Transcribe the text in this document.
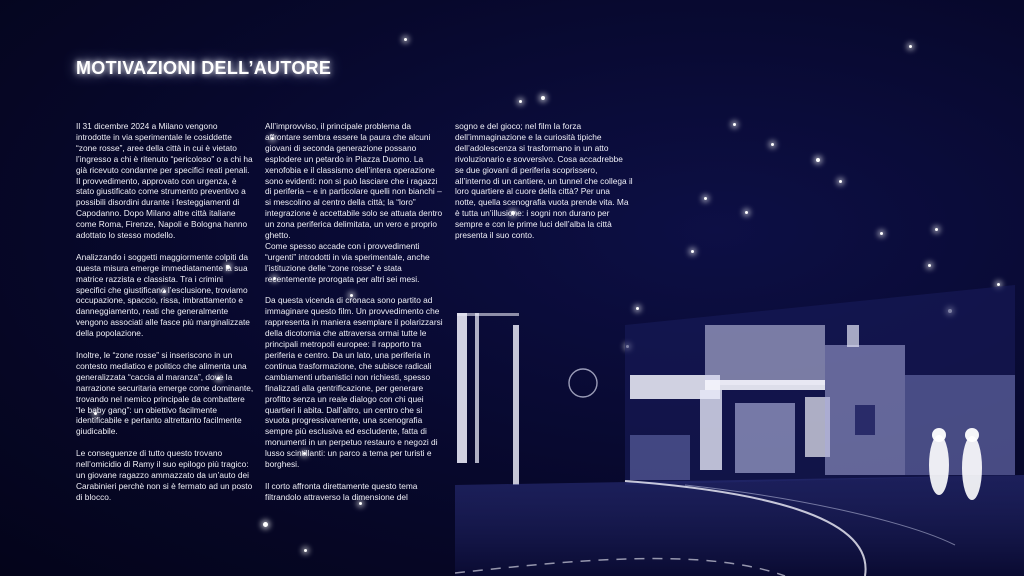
MOTIVAZIONI DELL’AUTORE

Il 31 dicembre 2024 a Milano vengono introdotte in via sperimentale le cosiddette “zone rosse”, aree della città in cui è vietato l’ingresso a chi è ritenuto “pericoloso” o a chi ha già ricevuto condanne per specifici reati penali. Il provvedimento, approvato con urgenza, è stato giustificato come strumento preventivo a possibili disordini durante i festeggiamenti di Capodanno. Dopo Milano altre città italiane come Roma, Firenze, Napoli e Bologna hanno adottato lo stesso modello.

Analizzando i soggetti maggiormente colpiti da questa misura emerge immediatamente la sua matrice razzista e classista. Tra i crimini specifici che giustificano l’esclusione, troviamo occupazione, spaccio, rissa, imbrattamento e danneggiamento, reati che generalmente vengono associati alle fasce più marginalizzate della popolazione.

Inoltre, le “zone rosse” si inseriscono in un contesto mediatico e politico che alimenta una generalizzata “caccia al maranza”, dove la narrazione securitaria emerge come dominante, trovando nel nemico principale da combattere “le baby gang”: un obiettivo facilmente identificabile e pertanto altrettanto facilmente giudicabile.

Le conseguenze di tutto questo trovano nell’omicidio di Ramy il suo epilogo più tragico: un giovane ragazzo ammazzato da un’auto dei Carabinieri perchè non si è fermato ad un posto di blocco.

All’improvviso, il principale problema da affrontare sembra essere la paura che alcuni giovani di seconda generazione possano esplodere un petardo in Piazza Duomo. La xenofobia e il classismo dell’intera operazione sono evidenti: non si può lasciare che i ragazzi di periferia – e in particolare quelli non bianchi – si mescolino al centro della città; la “loro” integrazione è accettabile solo se attuata dentro un zona periferica delimitata, un vero e proprio ghetto.
Come spesso accade con i provvedimenti “urgenti” introdotti in via sperimentale, anche l’istituzione delle “zone rosse” è stata recentemente prorogata per altri sei mesi.

Da questa vicenda di cronaca sono partito ad immaginare questo film. Un provvedimento che rappresenta in maniera esemplare il polarizzarsi della dicotomia che attraversa ormai tutte le principali metropoli europee: il rapporto tra periferia e centro. Da un lato, una periferia in continua trasformazione, che subisce radicali cambiamenti urbanistici non richiesti, spesso finalizzati alla gentrificazione, per generare profitto senza un reale dialogo con chi quei quartieri li abita. Dall’altro, un centro che si svuota progressivamente, una scenografia sempre più esclusiva ed escludente, fatta di monumenti in un perpetuo restauro e negozi di lusso scintillanti: un parco a tema per turisti e borghesi.

Il corto affronta direttamente questo tema filtrandolo attraverso la dimensione del

sogno e del gioco; nel film la forza dell’immaginazione e la curiosità tipiche dell’adolescenza si trasformano in un atto rivoluzionario e sovversivo. Cosa accadrebbe se due giovani di periferia scoprissero, all’interno di un cantiere, un tunnel che collega il loro quartiere al cuore della città? Per una notte, quella scenografia vuota prende vita. Ma è tutta un’illusione: i sogni non durano per sempre e con le prime luci dell’alba la città presenta il suo conto.
